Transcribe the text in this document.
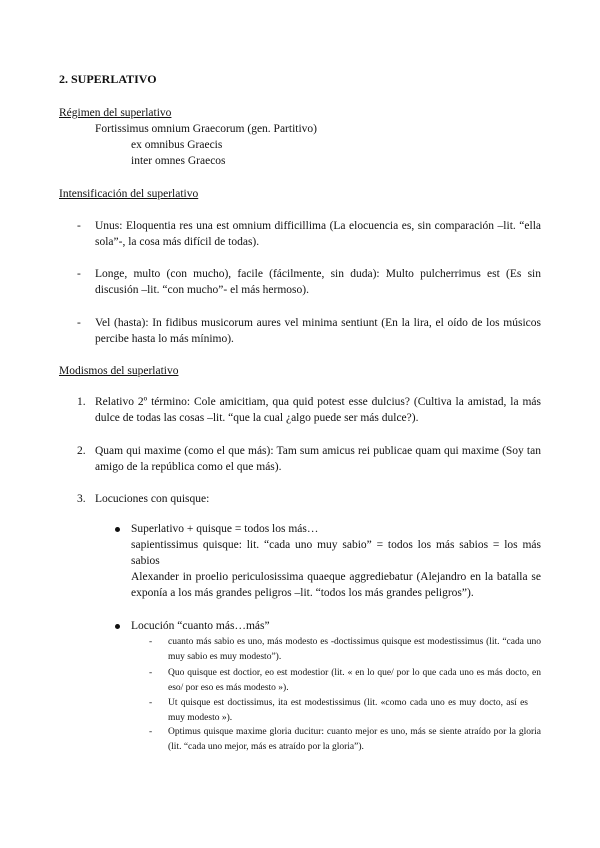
2. SUPERLATIVO
Régimen del superlativo
Fortissimus omnium Graecorum (gen. Partitivo)
ex omnibus Graecis
inter omnes Graecos
Intensificación del superlativo
- Unus: Eloquentia res una est omnium difficillima (La elocuencia es, sin comparación –lit. “ella sola”-, la cosa más difícil de todas).
- Longe, multo (con mucho), facile (fácilmente, sin duda): Multo pulcherrimus est (Es sin discusión –lit. “con mucho”- el más hermoso).
- Vel (hasta): In fidibus musicorum aures vel minima sentiunt (En la lira, el oído de los músicos percibe hasta lo más mínimo).
Modismos del superlativo
1. Relativo 2º término: Cole amicitiam, qua quid potest esse dulcius? (Cultiva la amistad, la más dulce de todas las cosas –lit. “que la cual ¿algo puede ser más dulce?).
2. Quam qui maxime (como el que más): Tam sum amicus rei publicae quam qui maxime (Soy tan amigo de la república como el que más).
3. Locuciones con quisque:
Superlativo + quisque = todos los más…
sapientissimus quisque: lit. “cada uno muy sabio” = todos los más sabios = los más sabios
Alexander in proelio periculosissima quaeque aggrediebatur (Alejandro en la batalla se exponía a los más grandes peligros –lit. “todos los más grandes peligros”).
Locución “cuanto más…más”
- cuanto más sabio es uno, más modesto es -doctissimus quisque est modestissimus (lit. “cada uno muy sabio es muy modesto”).
- Quo quisque est doctior, eo est modestior (lit. « en lo que/ por lo que cada uno es más docto, en eso/ por eso es más modesto »).
- Ut quisque est doctissimus, ita est modestissimus (lit. «como cada uno es muy docto, así es muy modesto »).
- Optimus quisque maxime gloria ducitur: cuanto mejor es uno, más se siente atraído por la gloria (lit. “cada uno mejor, más es atraído por la gloria”).
